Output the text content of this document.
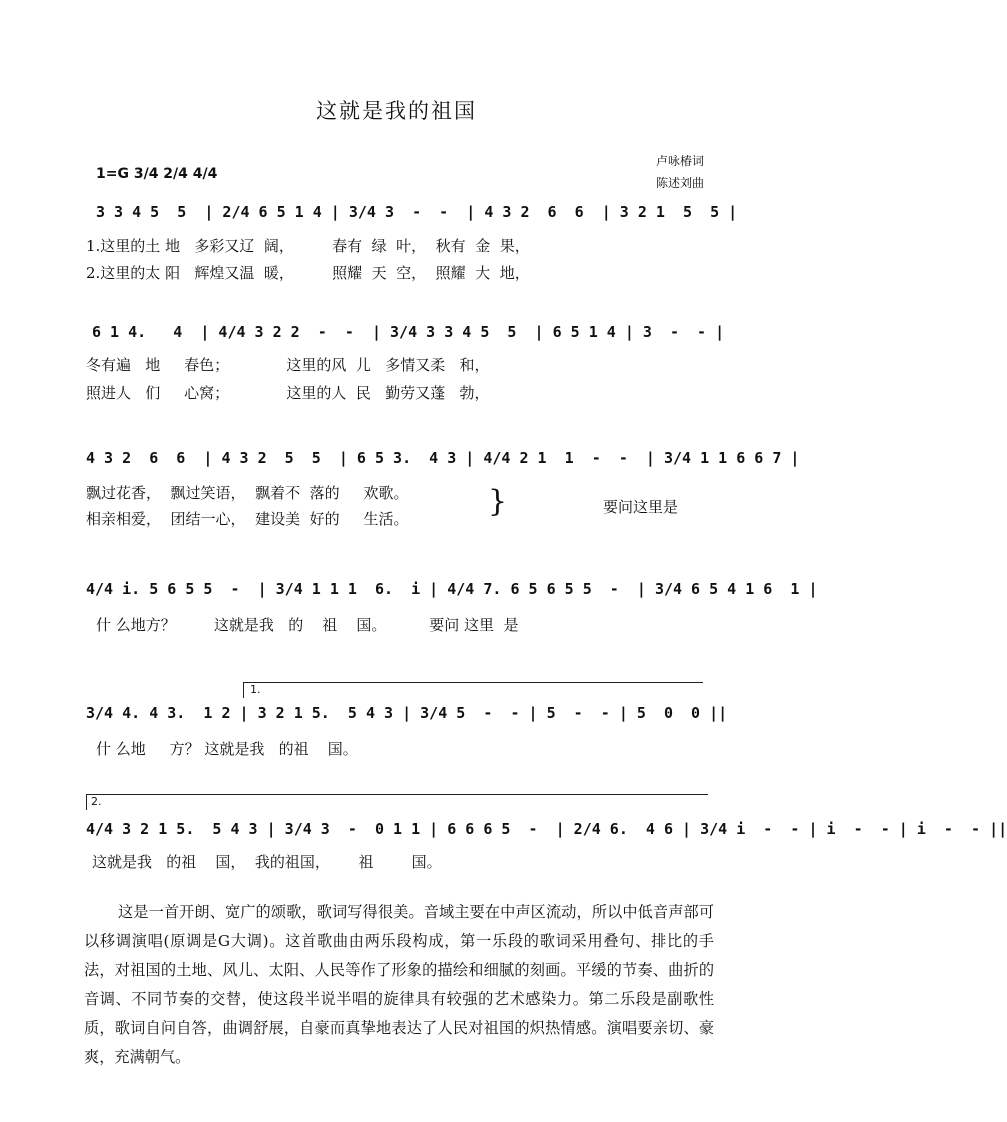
这就是我的祖国
卢咏椿词
陈述刘曲
1=G 3/4 2/4 4/4
3 3 4 5  5  | 2/4 6 5 1 4 | 3/4 3  -  -  | 4 3 2  6  6  | 3 2 1  5  5 |
1.这里的土 地   多彩又辽  阔，        春有  绿  叶，  秋有  金  果，
2.这里的太 阳   辉煌又温  暖，        照耀  天  空，  照耀  大  地，
6 1 4.   4  | 4/4 3 2 2  -  -  | 3/4 3 3 4 5  5  | 6 5 1 4 | 3  -  - |
冬有遍   地     春色；            这里的风  儿   多情又柔   和，
照进人   们     心窝；            这里的人  民   勤劳又蓬   勃，
4 3 2  6  6  | 4 3 2  5  5  | 6 5 3.  4 3 | 4/4 2 1  1  -  -  | 3/4 1 1 6 6 7 |
飘过花香，  飘过笑语，  飘着不  落的     欢歌。
相亲相爱，  团结一心，  建设美  好的     生活。	}	要问这里是
4/4 i. 5 6 5 5  -  | 3/4 1 1 1  6.  i | 4/4 7. 6 5 6 5 5  -  | 3/4 6 5 4 1 6  1 |
什 么地方？        这就是我   的    祖    国。         要问 这里  是
1.
3/4 4. 4 3.  1 2 | 3 2 1 5.  5 4 3 | 3/4 5  -  - | 5  -  - | 5  0  0 ||
什 么地     方？ 这就是我   的祖    国。
2.
4/4 3 2 1 5.  5 4 3 | 3/4 3  -  0 1 1 | 6 6 6 5  -  | 2/4 6.  4 6 | 3/4 i  -  - | i  -  - | i  -  - ||
这就是我   的祖    国，  我的祖国，      祖        国。
这是一首开朗、宽广的颂歌，歌词写得很美。音域主要在中声区流动，所以中低音声部可以移调演唱(原调是G大调)。这首歌曲由两乐段构成，第一乐段的歌词采用叠句、排比的手法，对祖国的土地、风儿、太阳、人民等作了形象的描绘和细腻的刻画。平缓的节奏、曲折的音调、不同节奏的交替，使这段半说半唱的旋律具有较强的艺术感染力。第二乐段是副歌性质，歌词自问自答，曲调舒展，自豪而真挚地表达了人民对祖国的炽热情感。演唱要亲切、豪爽，充满朝气。
